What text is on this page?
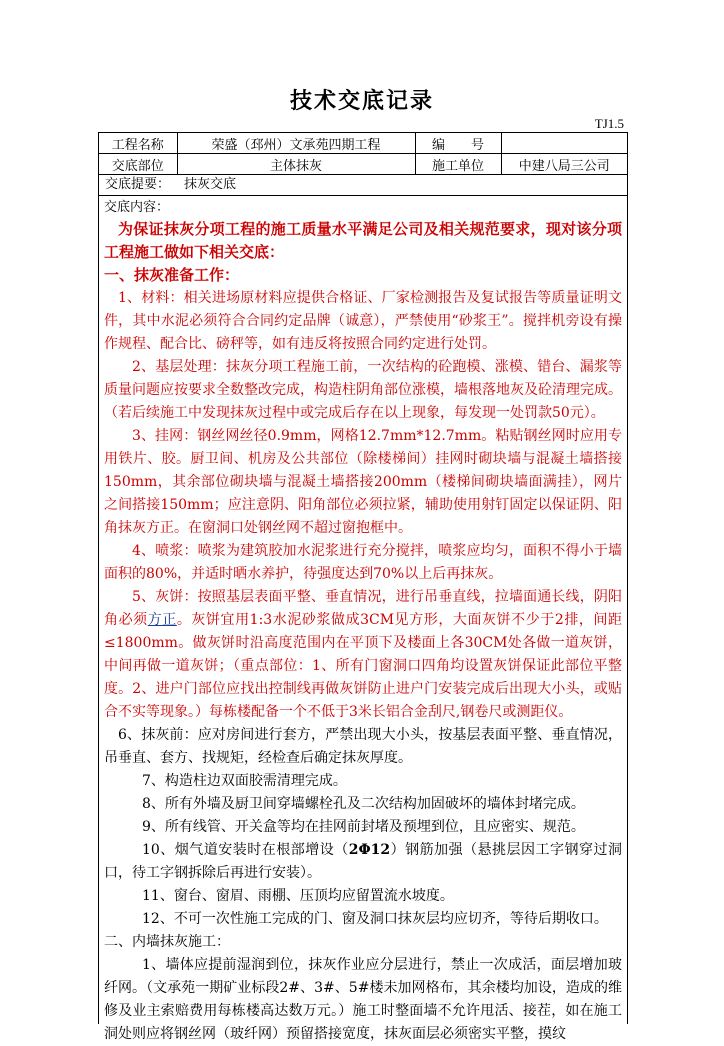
技术交底记录
TJ1.5
工程名称	荣盛（邳州）文承苑四期工程	编　　号	
交底部位	主体抹灰	施工单位	中建八局三公司
交底提要： 抹灰交底

交底内容：

为保证抹灰分项工程的施工质量水平满足公司及相关规范要求，现对该分项工程施工做如下相关交底：

一、抹灰准备工作：

1、材料：相关进场原材料应提供合格证、厂家检测报告及复试报告等质量证明文件，其中水泥必须符合合同约定品牌（诚意），严禁使用“砂浆王”。搅拌机旁设有操作规程、配合比、磅秤等，如有违反将按照合同约定进行处罚。

2、基层处理：抹灰分项工程施工前，一次结构的砼跑模、涨模、错台、漏浆等质量问题应按要求全数整改完成，构造柱阴角部位涨模，墙根落地灰及砼清理完成。（若后续施工中发现抹灰过程中或完成后存在以上现象，每发现一处罚款50元）。

3、挂网：钢丝网丝径0.9mm，网格12.7mm*12.7mm。粘贴钢丝网时应用专用铁片、胶。厨卫间、机房及公共部位（除楼梯间）挂网时砌块墙与混凝土墙搭接150mm，其余部位砌块墙与混凝土墙搭接200mm（楼梯间砌块墙面满挂），网片之间搭接150mm；应注意阴、阳角部位必须拉紧，辅助使用射钉固定以保证阴、阳角抹灰方正。在窗洞口处钢丝网不超过窗抱框中。

4、喷浆：喷浆为建筑胶加水泥浆进行充分搅拌，喷浆应均匀，面积不得小于墙面积的80%，并适时晒水养护，待强度达到70%以上后再抹灰。

5、灰饼：按照基层表面平整、垂直情况，进行吊垂直线，拉墙面通长线，阴阳角必须方正。灰饼宜用1:3水泥砂浆做成3CM见方形，大面灰饼不少于2排，间距≤1800mm。做灰饼时沿高度范围内在平顶下及楼面上各30CM处各做一道灰饼，中间再做一道灰饼；（重点部位：1、所有门窗洞口四角均设置灰饼保证此部位平整度。2、进户门部位应找出控制线再做灰饼防止进户门安装完成后出现大小头，或贴合不实等现象。）每栋楼配备一个不低于3米长铝合金刮尺,钢卷尺或测距仪。

6、抹灰前：应对房间进行套方，严禁出现大小头，按基层表面平整、垂直情况，吊垂直、套方、找规矩，经检查后确定抹灰厚度。

7、构造柱边双面胶需清理完成。

8、所有外墙及厨卫间穿墙螺栓孔及二次结构加固破坏的墙体封堵完成。

9、所有线管、开关盒等均在挂网前封堵及预埋到位，且应密实、规范。

10、烟气道安装时在根部增设（2Φ12）钢筋加强（悬挑层因工字钢穿过洞口，待工字钢拆除后再进行安装）。

11、窗台、窗眉、雨棚、压顶均应留置流水坡度。

12、不可一次性施工完成的门、窗及洞口抹灰层均应切齐，等待后期收口。

二、内墙抹灰施工：

1、墙体应提前湿润到位，抹灰作业应分层进行，禁止一次成活，面层增加玻纤网。（文承苑一期矿业标段2#、3#、5#楼未加网格布，其余楼均加设，造成的维修及业主索赔费用每栋楼高达数万元。）施工时整面墙不允许甩活、接茬，如在施工洞处则应将钢丝网（玻纤网）预留搭接宽度，抹灰面层必须密实平整，摸纹
